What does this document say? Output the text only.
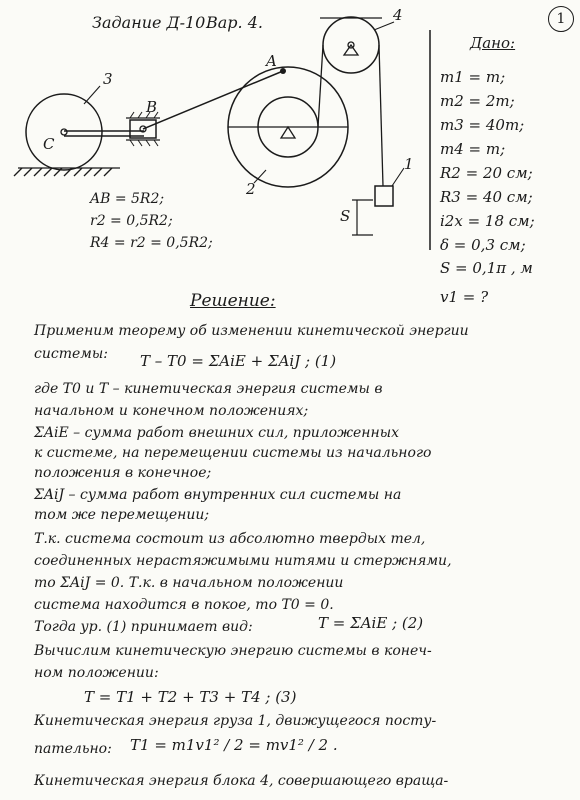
Задание Д-10.
Вар. 4.	1
3
B
C
A
2
4
1
S
AB = 5R2;
r2 = 0,5R2;
R4 = r2 = 0,5R2;
Дано:
m1 = m;
m2 = 2m;
m3 = 40m;
m4 = m;
R2 = 20 см;
R3 = 40 см;
i2x = 18 см;
δ = 0,3 см;
S = 0,1π , м
v1 = ?
Решение:
Применим теорему об изменении кинетической энергии
системы: T – T0 = ΣAiE + ΣAiJ ; (1)
где T0 и T – кинетическая энергия системы в
начальном и конечном положениях;
ΣAiE – сумма работ внешних сил, приложенных
к системе, на перемещении системы из начального
положения в конечное;
ΣAiJ – сумма работ внутренних сил системы на
том же перемещении;
Т.к. система состоит из абсолютно твердых тел,
соединенных нерастяжимыми нитями и стержнями,
то ΣAiJ = 0. Т.к. в начальном положении
система находится в покое, то T0 = 0.
Тогда ур. (1) принимает вид:	T = ΣAiE ; (2)
Вычислим кинетическую энергию системы в конеч-
ном положении:
T = T1 + T2 + T3 + T4 ; (3)
Кинетическая энергия груза 1, движущегося посту-
пательно: T1 = m1v1² / 2 = mv1² / 2 .
Кинетическая энергия блока 4, совершающего враща-
